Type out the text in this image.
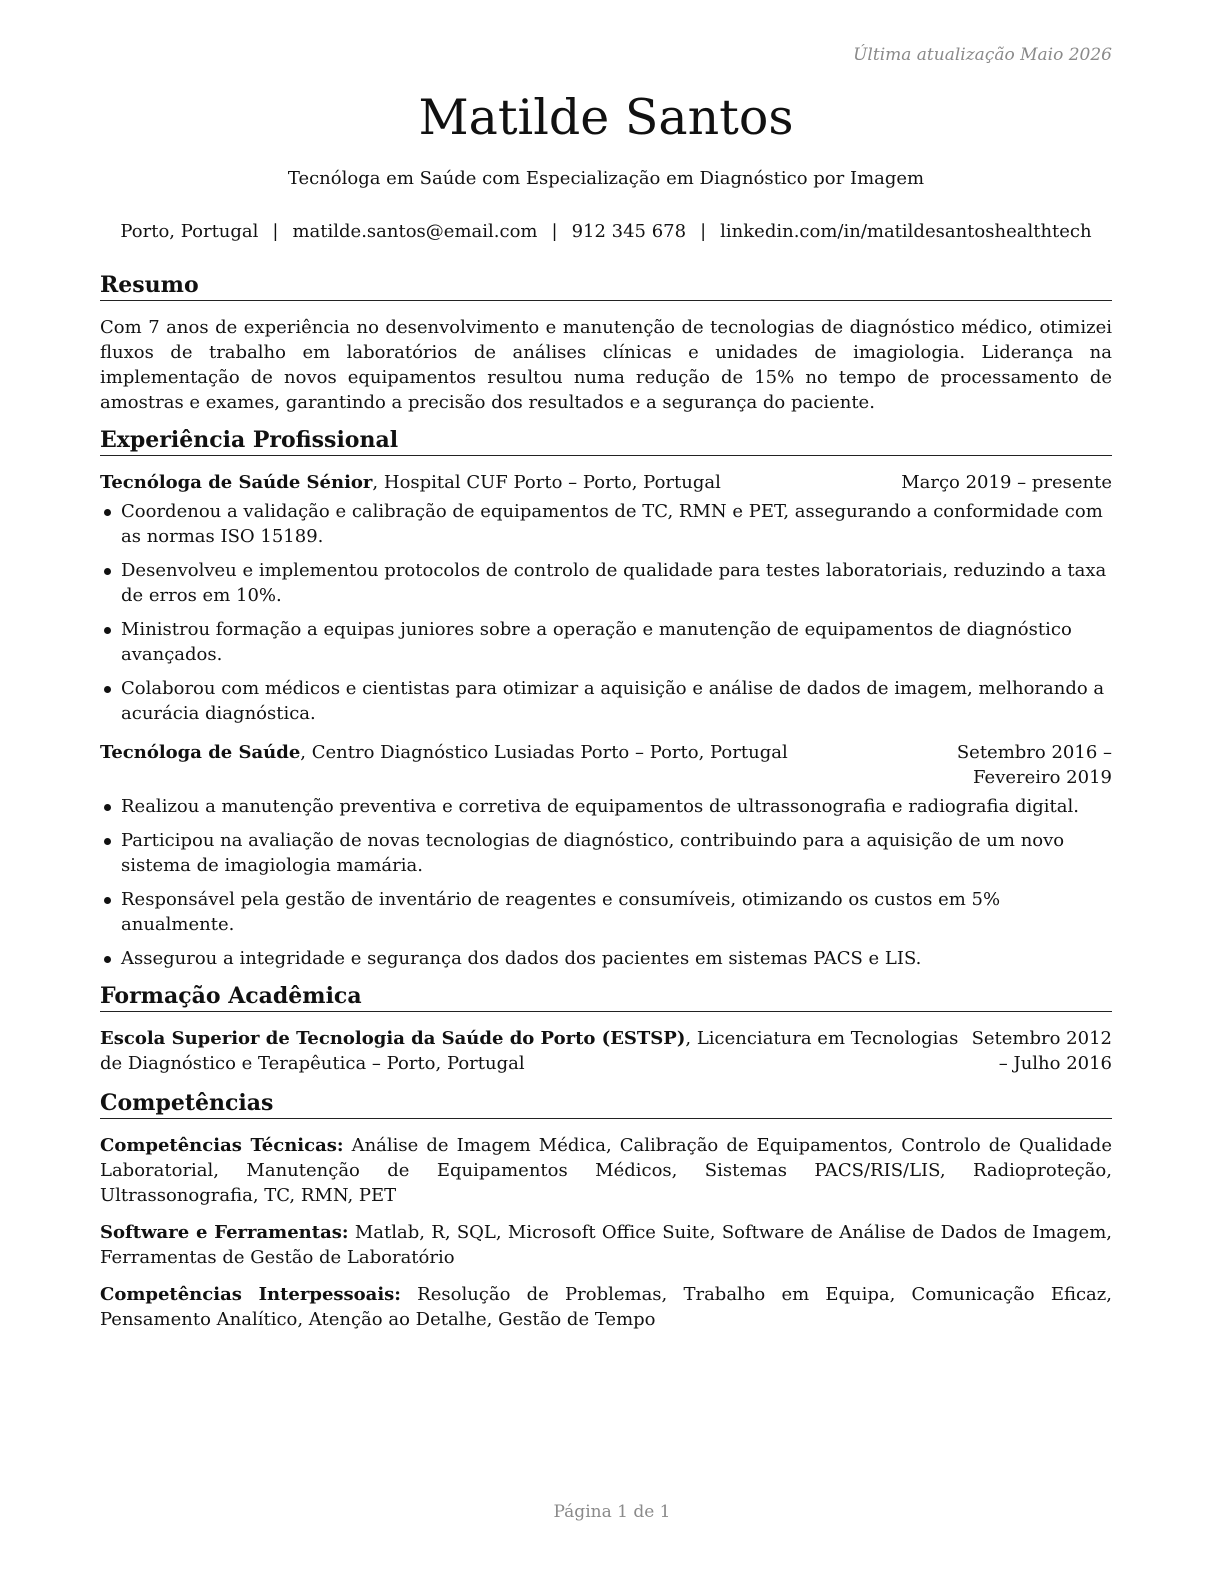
Última atualização Maio 2026
Matilde Santos
Tecnóloga em Saúde com Especialização em Diagnóstico por Imagem
Porto, Portugal | matilde.santos@email.com | 912 345 678 | linkedin.com/in/matildesantoshealthtech
Resumo
Com 7 anos de experiência no desenvolvimento e manutenção de tecnologias de diagnóstico médico, otimizei fluxos de trabalho em laboratórios de análises clínicas e unidades de imagiologia. Liderança na implementação de novos equipamentos resultou numa redução de 15% no tempo de processamento de amostras e exames, garantindo a precisão dos resultados e a segurança do paciente.
Experiência Profissional
Tecnóloga de Saúde Sénior, Hospital CUF Porto – Porto, Portugal	Março 2019 – presente
Coordenou a validação e calibração de equipamentos de TC, RMN e PET, assegurando a conformidade com as normas ISO 15189.
Desenvolveu e implementou protocolos de controlo de qualidade para testes laboratoriais, reduzindo a taxa de erros em 10%.
Ministrou formação a equipas juniores sobre a operação e manutenção de equipamentos de diagnóstico avançados.
Colaborou com médicos e cientistas para otimizar a aquisição e análise de dados de imagem, melhorando a acurácia diagnóstica.
Tecnóloga de Saúde, Centro Diagnóstico Lusiadas Porto – Porto, Portugal	Setembro 2016 – Fevereiro 2019
Realizou a manutenção preventiva e corretiva de equipamentos de ultrassonografia e radiografia digital.
Participou na avaliação de novas tecnologias de diagnóstico, contribuindo para a aquisição de um novo sistema de imagiologia mamária.
Responsável pela gestão de inventário de reagentes e consumíveis, otimizando os custos em 5% anualmente.
Assegurou a integridade e segurança dos dados dos pacientes em sistemas PACS e LIS.
Formação Acadêmica
Escola Superior de Tecnologia da Saúde do Porto (ESTSP), Licenciatura em Tecnologias de Diagnóstico e Terapêutica – Porto, Portugal
Setembro 2012 – Julho 2016
Competências
Competências Técnicas: Análise de Imagem Médica, Calibração de Equipamentos, Controlo de Qualidade Laboratorial, Manutenção de Equipamentos Médicos, Sistemas PACS/RIS/LIS, Radioproteção, Ultrassonografia, TC, RMN, PET
Software e Ferramentas: Matlab, R, SQL, Microsoft Office Suite, Software de Análise de Dados de Imagem, Ferramentas de Gestão de Laboratório
Competências Interpessoais: Resolução de Problemas, Trabalho em Equipa, Comunicação Eficaz, Pensamento Analítico, Atenção ao Detalhe, Gestão de Tempo
Página 1 de 1
